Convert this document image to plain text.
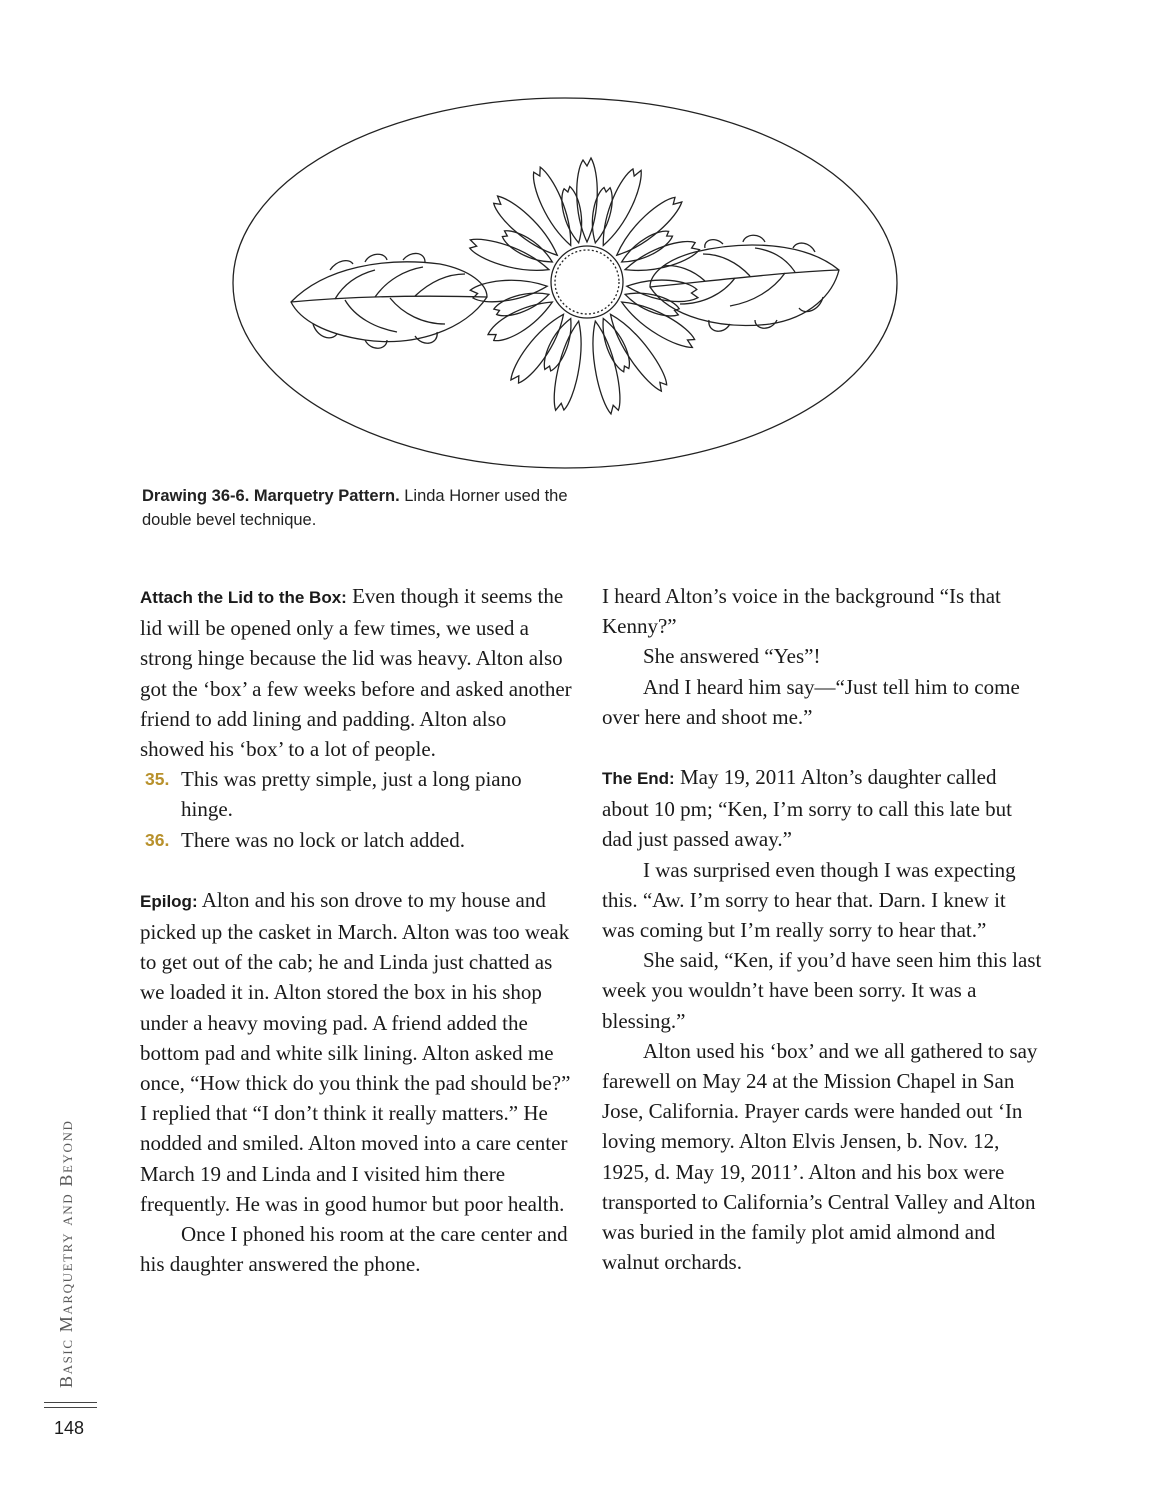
Drawing 36-6. Marquetry Pattern. Linda Horner used the double bevel technique.

Attach the Lid to the Box: Even though it seems the lid will be opened only a few times, we used a strong hinge because the lid was heavy. Alton also got the ‘box’ a few weeks before and asked another friend to add lining and padding. Alton also showed his ‘box’ to a lot of people.

35. This was pretty simple, just a long piano hinge.

36. There was no lock or latch added.

Epilog: Alton and his son drove to my house and picked up the casket in March. Alton was too weak to get out of the cab; he and Linda just chatted as we loaded it in. Alton stored the box in his shop under a heavy moving pad. A friend added the bottom pad and white silk lining. Alton asked me once, “How thick do you think the pad should be?” I replied that “I don’t think it really matters.” He nodded and smiled. Alton moved into a care center March 19 and Linda and I visited him there frequently. He was in good humor but poor health.

Once I phoned his room at the care center and his daughter answered the phone.

I heard Alton’s voice in the background “Is that Kenny?”

She answered “Yes”!

And I heard him say—“Just tell him to come over here and shoot me.”

The End: May 19, 2011 Alton’s daughter called about 10 pm; “Ken, I’m sorry to call this late but dad just passed away.”

I was surprised even though I was expecting this. “Aw. I’m sorry to hear that. Darn. I knew it was coming but I’m really sorry to hear that.”

She said, “Ken, if you’d have seen him this last week you wouldn’t have been sorry. It was a blessing.”

Alton used his ‘box’ and we all gathered to say farewell on May 24 at the Mission Chapel in San Jose, California. Prayer cards were handed out ‘In loving memory. Alton Elvis Jensen, b. Nov. 12, 1925, d. May 19, 2011’. Alton and his box were transported to California’s Central Valley and Alton was buried in the family plot amid almond and walnut orchards.

Basic Marquetry and Beyond
148
